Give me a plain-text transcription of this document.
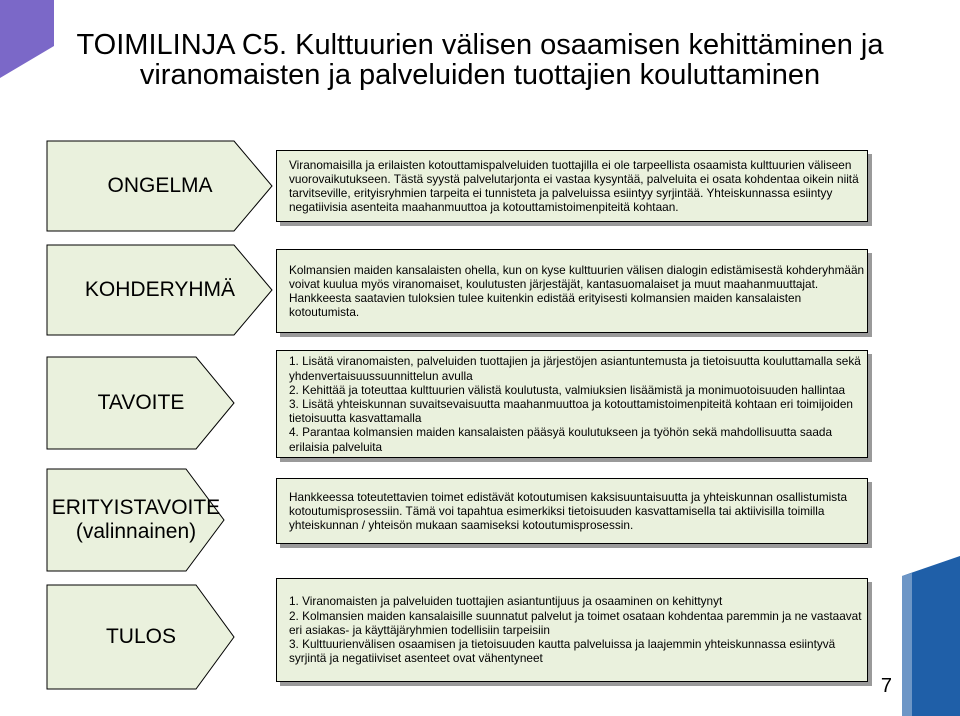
TOIMILINJA C5. Kulttuurien välisen osaamisen kehittäminen ja viranomaisten ja palveluiden tuottajien kouluttaminen
ONGELMA
Viranomaisilla ja erilaisten kotouttamispalveluiden tuottajilla ei ole tarpeellista osaamista kulttuurien väliseen vuorovaikutukseen. Tästä syystä palvelutarjonta ei vastaa kysyntää, palveluita ei osata kohdentaa oikein niitä tarvitseville, erityisryhmien tarpeita ei tunnisteta ja palveluissa esiintyy syrjintää. Yhteiskunnassa esiintyy negatiivisia asenteita maahanmuuttoa ja kotouttamistoimenpiteitä kohtaan.
KOHDERYHMÄ
Kolmansien maiden kansalaisten ohella, kun on kyse kulttuurien välisen dialogin edistämisestä kohderyhmään voivat kuulua myös viranomaiset, koulutusten järjestäjät, kantasuomalaiset ja muut maahanmuuttajat. Hankkeesta saatavien tuloksien tulee kuitenkin edistää erityisesti kolmansien maiden kansalaisten kotoutumista.
TAVOITE
1. Lisätä viranomaisten, palveluiden tuottajien ja järjestöjen asiantuntemusta ja tietoisuutta kouluttamalla sekä yhdenvertaisuussuunnittelun avulla
2. Kehittää ja toteuttaa kulttuurien välistä koulutusta, valmiuksien lisäämistä ja monimuotoisuuden hallintaa
3. Lisätä yhteiskunnan suvaitsevaisuutta maahanmuuttoa ja kotouttamistoimenpiteitä kohtaan eri toimijoiden tietoisuutta kasvattamalla
4. Parantaa kolmansien maiden kansalaisten pääsyä koulutukseen ja työhön sekä mahdollisuutta saada erilaisia palveluita
ERITYISTAVOITE
(valinnainen)
Hankkeessa toteutettavien toimet edistävät kotoutumisen kaksisuuntaisuutta ja yhteiskunnan osallistumista kotoutumisprosessiin. Tämä voi tapahtua esimerkiksi tietoisuuden kasvattamisella tai aktiivisilla toimilla yhteiskunnan / yhteisön mukaan saamiseksi kotoutumisprosessin.
TULOS
1. Viranomaisten ja palveluiden tuottajien asiantuntijuus ja osaaminen on kehittynyt
2. Kolmansien maiden kansalaisille suunnatut palvelut ja toimet osataan kohdentaa paremmin ja ne vastaavat eri asiakas- ja käyttäjäryhmien todellisiin tarpeisiin
3. Kulttuurienvälisen osaamisen ja tietoisuuden kautta palveluissa ja laajemmin yhteiskunnassa esiintyvä syrjintä ja negatiiviset asenteet ovat vähentyneet
7
